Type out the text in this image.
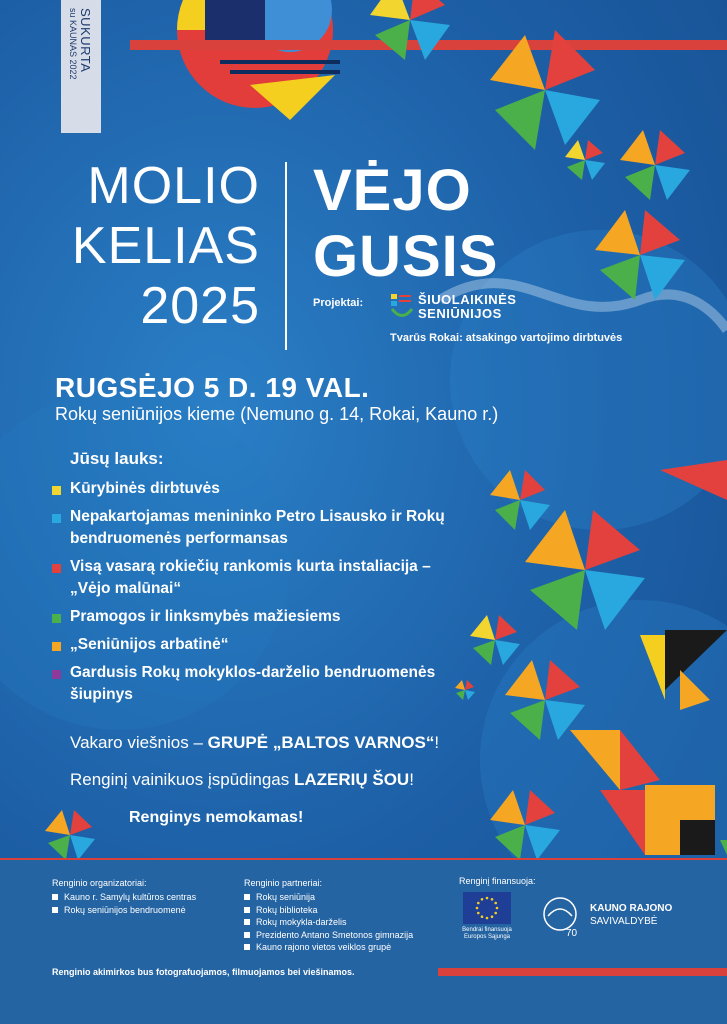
SUKURTA
su KAUNAS 2022
MOLIO
KELIAS
2025
VĖJO
GUSIS
Projektai:	ŠIUOLAIKINĖS
SENIŪNIJOS
Tvarūs Rokai: atsakingo vartojimo dirbtuvės
RUGSĖJO 5 D. 19 VAL.
Rokų seniūnijos kieme (Nemuno g. 14, Rokai, Kauno r.)
Jūsų lauks:
Kūrybinės dirbtuvės
Nepakartojamas menininko Petro Lisausko ir Rokų bendruomenės performansas
Visą vasarą rokiečių rankomis kurta instaliacija – „Vėjo malūnai“
Pramogos ir linksmybės mažiesiems
„Seniūnijos arbatinė“
Gardusis Rokų mokyklos-darželio bendruomenės šiupinys
Vakaro viešnios – GRUPĖ „BALTOS VARNOS“!
Renginį vainikuos įspūdingas LAZERIŲ ŠOU!
Renginys nemokamas!
Renginio organizatoriai:
Kauno r. Samylų kultūros centras
Rokų seniūnijos bendruomenė
Renginio partneriai:
Rokų seniūnija
Rokų biblioteka
Rokų mokykla-darželis
Prezidento Antano Smetonos gimnazija
Kauno rajono vietos veiklos grupė
Renginį finansuoja:
Bendrai finansuoja Europos Sąjunga	70
KAUNO RAJONO
SAVIVALDYBĖ
Renginio akimirkos bus fotografuojamos, filmuojamos bei viešinamos.
